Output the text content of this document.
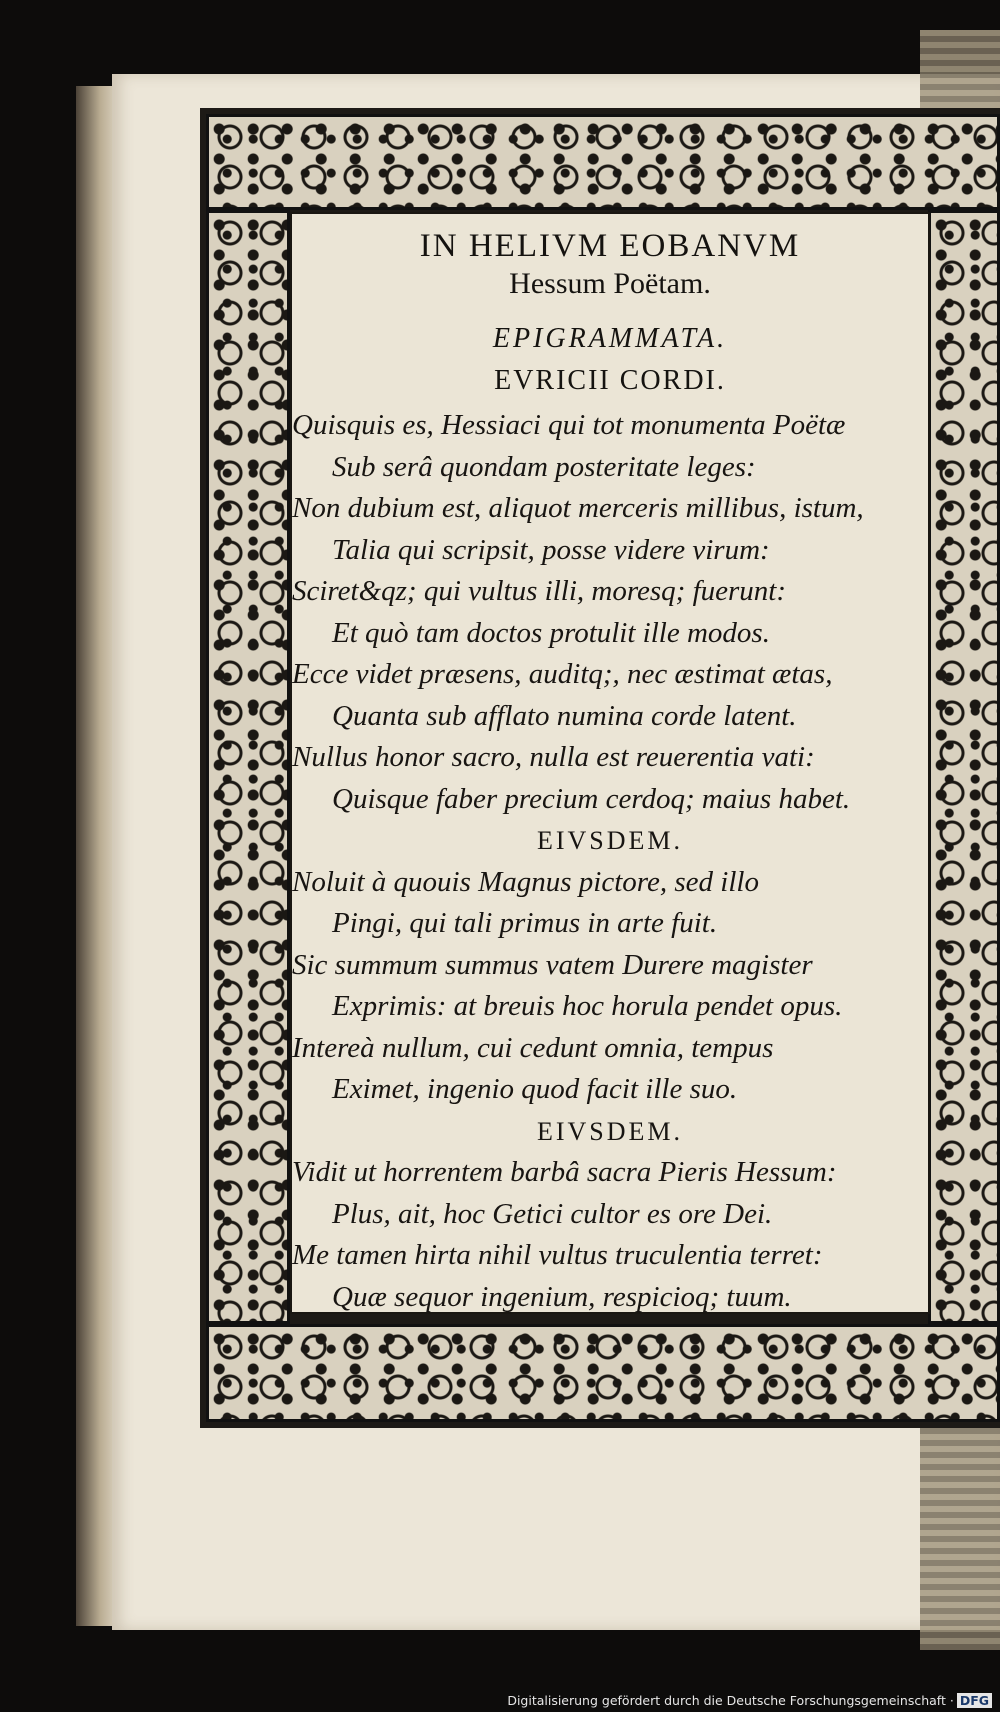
IN HELIVM EOBANVM

Hessum Poëtam.

EPIGRAMMATA.

EVRICII CORDI.

Quisquis es, Hessiaci qui tot monumenta Poëtæ
Sub serâ quondam posteritate leges:
Non dubium est, aliquot merceris millibus, istum,
Talia qui scripsit, posse videre virum:
Sciret&qz; qui vultus illi, moresq; fuerunt:
Et quò tam doctos protulit ille modos.
Ecce videt præsens, auditq;, nec æstimat ætas,
Quanta sub afflato numina corde latent.
Nullus honor sacro, nulla est reuerentia vati:
Quisque faber precium cerdoq; maius habet.
EIVSDEM.
Noluit à quouis Magnus pictore, sed illo
Pingi, qui tali primus in arte fuit.
Sic summum summus vatem Durere magister
Exprimis: at breuis hoc horula pendet opus.
Intereà nullum, cui cedunt omnia, tempus
Eximet, ingenio quod facit ille suo.
EIVSDEM.
Vidit ut horrentem barbâ sacra Pieris Hessum:
Plus, ait, hoc Getici cultor es ore Dei.
Me tamen hirta nihil vultus truculentia terret:
Quæ sequor ingenium, respicioq; tuum.
Digitalisierung gefördert durch die Deutsche Forschungsgemeinschaft · DFG
